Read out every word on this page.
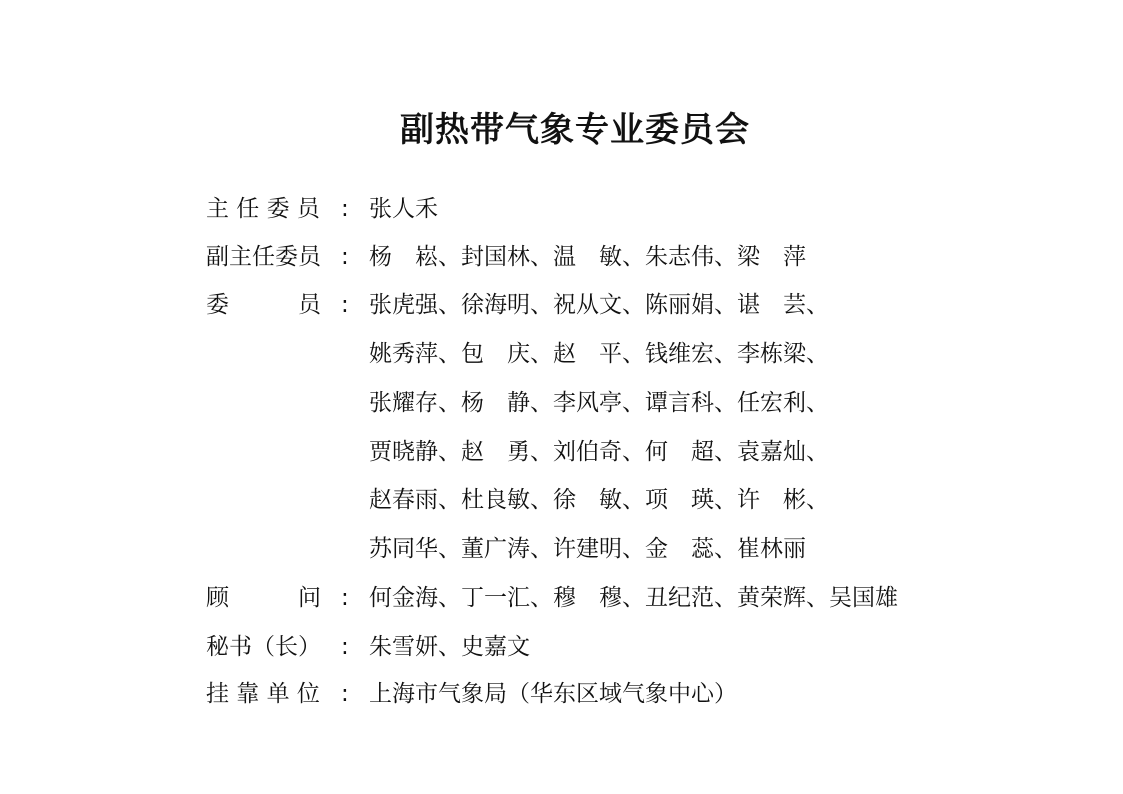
副热带气象专业委员会
主 任 委 员 : 张人禾
副主任委员 : 杨　崧、封国林、温　敏、朱志伟、梁　萍
委　　　员 : 张虎强、徐海明、祝从文、陈丽娟、谌　芸、
姚秀萍、包　庆、赵　平、钱维宏、李栋梁、
张耀存、杨　静、李风亭、谭言科、任宏利、
贾晓静、赵　勇、刘伯奇、何　超、袁嘉灿、
赵春雨、杜良敏、徐　敏、项　瑛、许　彬、
苏同华、董广涛、许建明、金　蕊、崔林丽
顾　　　问 : 何金海、丁一汇、穆　穆、丑纪范、黄荣辉、吴国雄
秘书（长） : 朱雪妍、史嘉文
挂 靠 单 位 : 上海市气象局（华东区域气象中心）
